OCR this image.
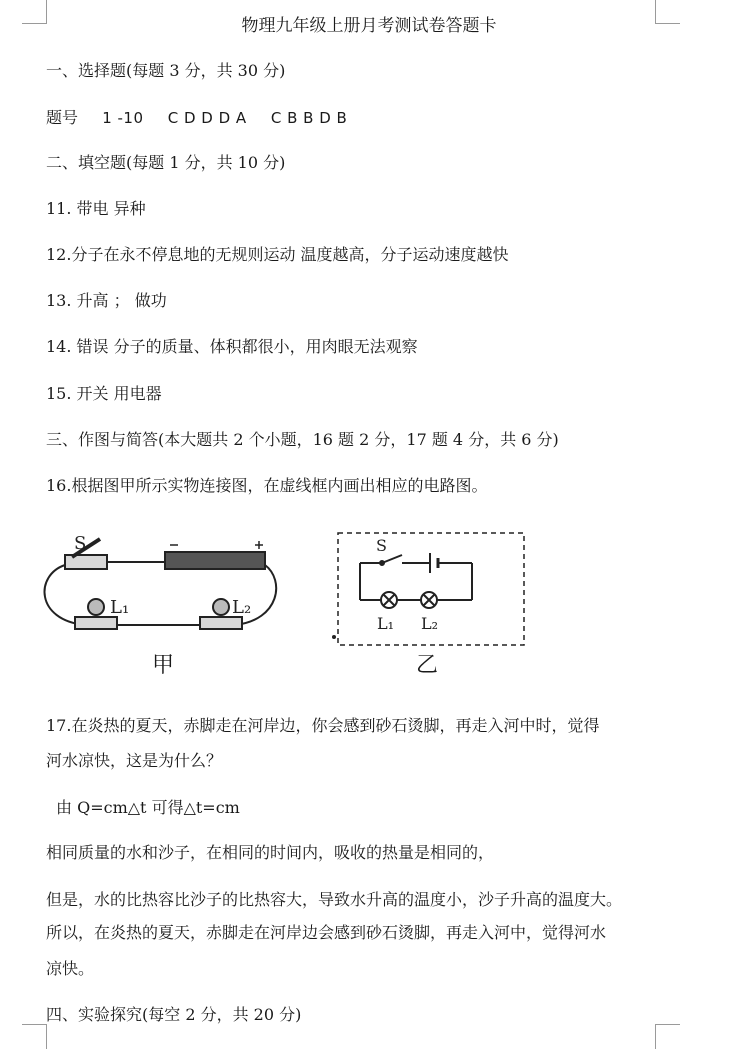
物理九年级上册月考测试卷答题卡
一、选择题(每题 3 分，共 30 分)
题号 1 -10 C D D D A C B B D B
二、填空题(每题 1 分，共 10 分)
11. 带电 异种
12.分子在永不停息地的无规则运动 温度越高，分子运动速度越快
13. 升高 ； 做功
14. 错误 分子的质量、体积都很小，用肉眼无法观察
15. 开关 用电器
三、作图与简答(本大题共 2 个小题，16 题 2 分，17 题 4 分，共 6 分)
16.根据图甲所示实物连接图，在虚线框内画出相应的电路图。
S
L₁	L₂
S
L₁ L₂
甲	乙
17.在炎热的夏天，赤脚走在河岸边，你会感到砂石烫脚，再走入河中时，觉得
河水凉快，这是为什么？
由 Q=cm△t 可得△t=cm
相同质量的水和沙子，在相同的时间内，吸收的热量是相同的，
但是，水的比热容比沙子的比热容大，导致水升高的温度小，沙子升高的温度大。
所以，在炎热的夏天，赤脚走在河岸边会感到砂石烫脚，再走入河中，觉得河水
凉快。
四、实验探究(每空 2 分，共 20 分)
